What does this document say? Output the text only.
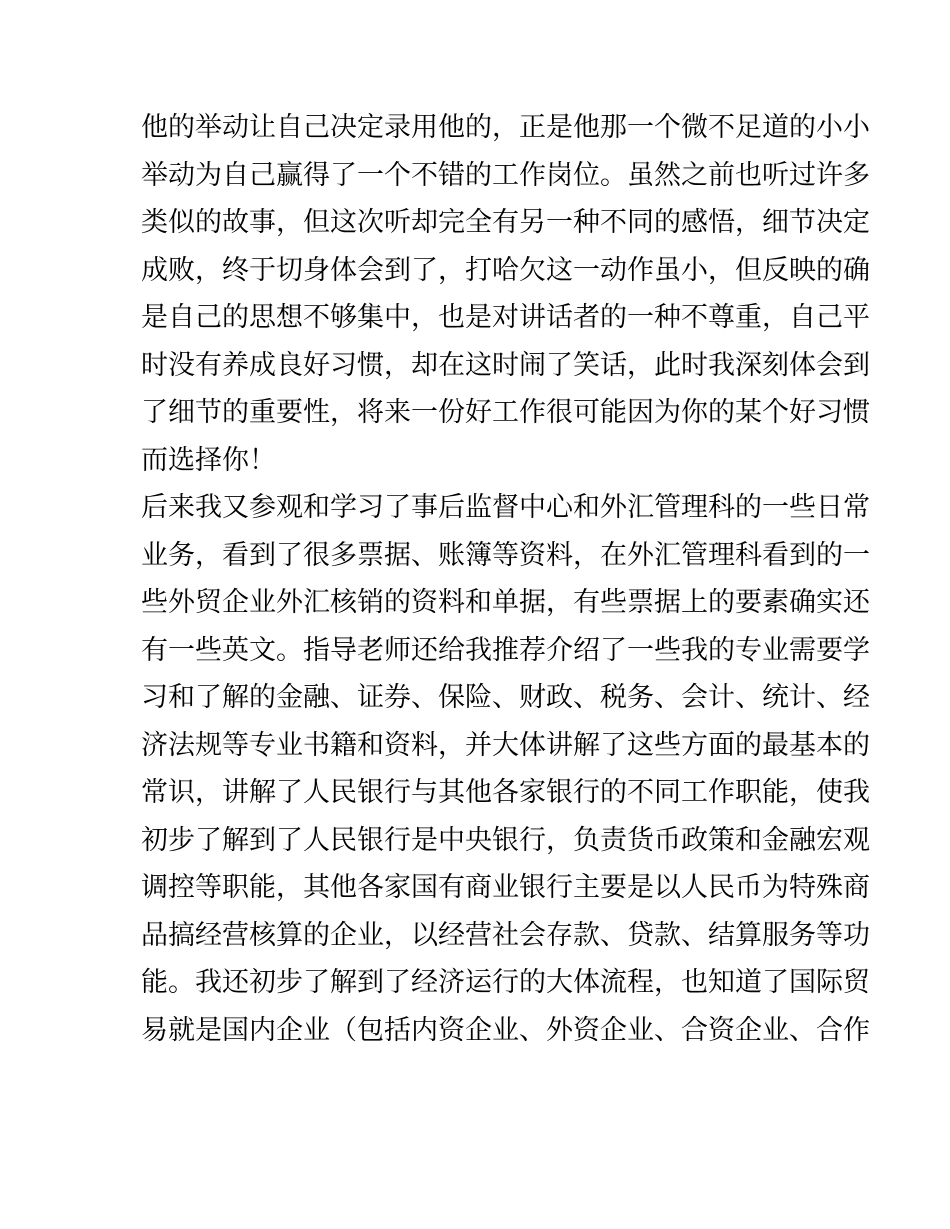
他的举动让自己决定录用他的，正是他那一个微不足道的小小
举动为自己赢得了一个不错的工作岗位。虽然之前也听过许多
类似的故事，但这次听却完全有另一种不同的感悟，细节决定
成败，终于切身体会到了，打哈欠这一动作虽小，但反映的确
是自己的思想不够集中，也是对讲话者的一种不尊重，自己平
时没有养成良好习惯，却在这时闹了笑话，此时我深刻体会到
了细节的重要性，将来一份好工作很可能因为你的某个好习惯
而选择你！
后来我又参观和学习了事后监督中心和外汇管理科的一些日常
业务，看到了很多票据、账簿等资料，在外汇管理科看到的一
些外贸企业外汇核销的资料和单据，有些票据上的要素确实还
有一些英文。指导老师还给我推荐介绍了一些我的专业需要学
习和了解的金融、证券、保险、财政、税务、会计、统计、经
济法规等专业书籍和资料，并大体讲解了这些方面的最基本的
常识，讲解了人民银行与其他各家银行的不同工作职能，使我
初步了解到了人民银行是中央银行，负责货币政策和金融宏观
调控等职能，其他各家国有商业银行主要是以人民币为特殊商
品搞经营核算的企业，以经营社会存款、贷款、结算服务等功
能。我还初步了解到了经济运行的大体流程，也知道了国际贸
易就是国内企业（包括内资企业、外资企业、合资企业、合作
